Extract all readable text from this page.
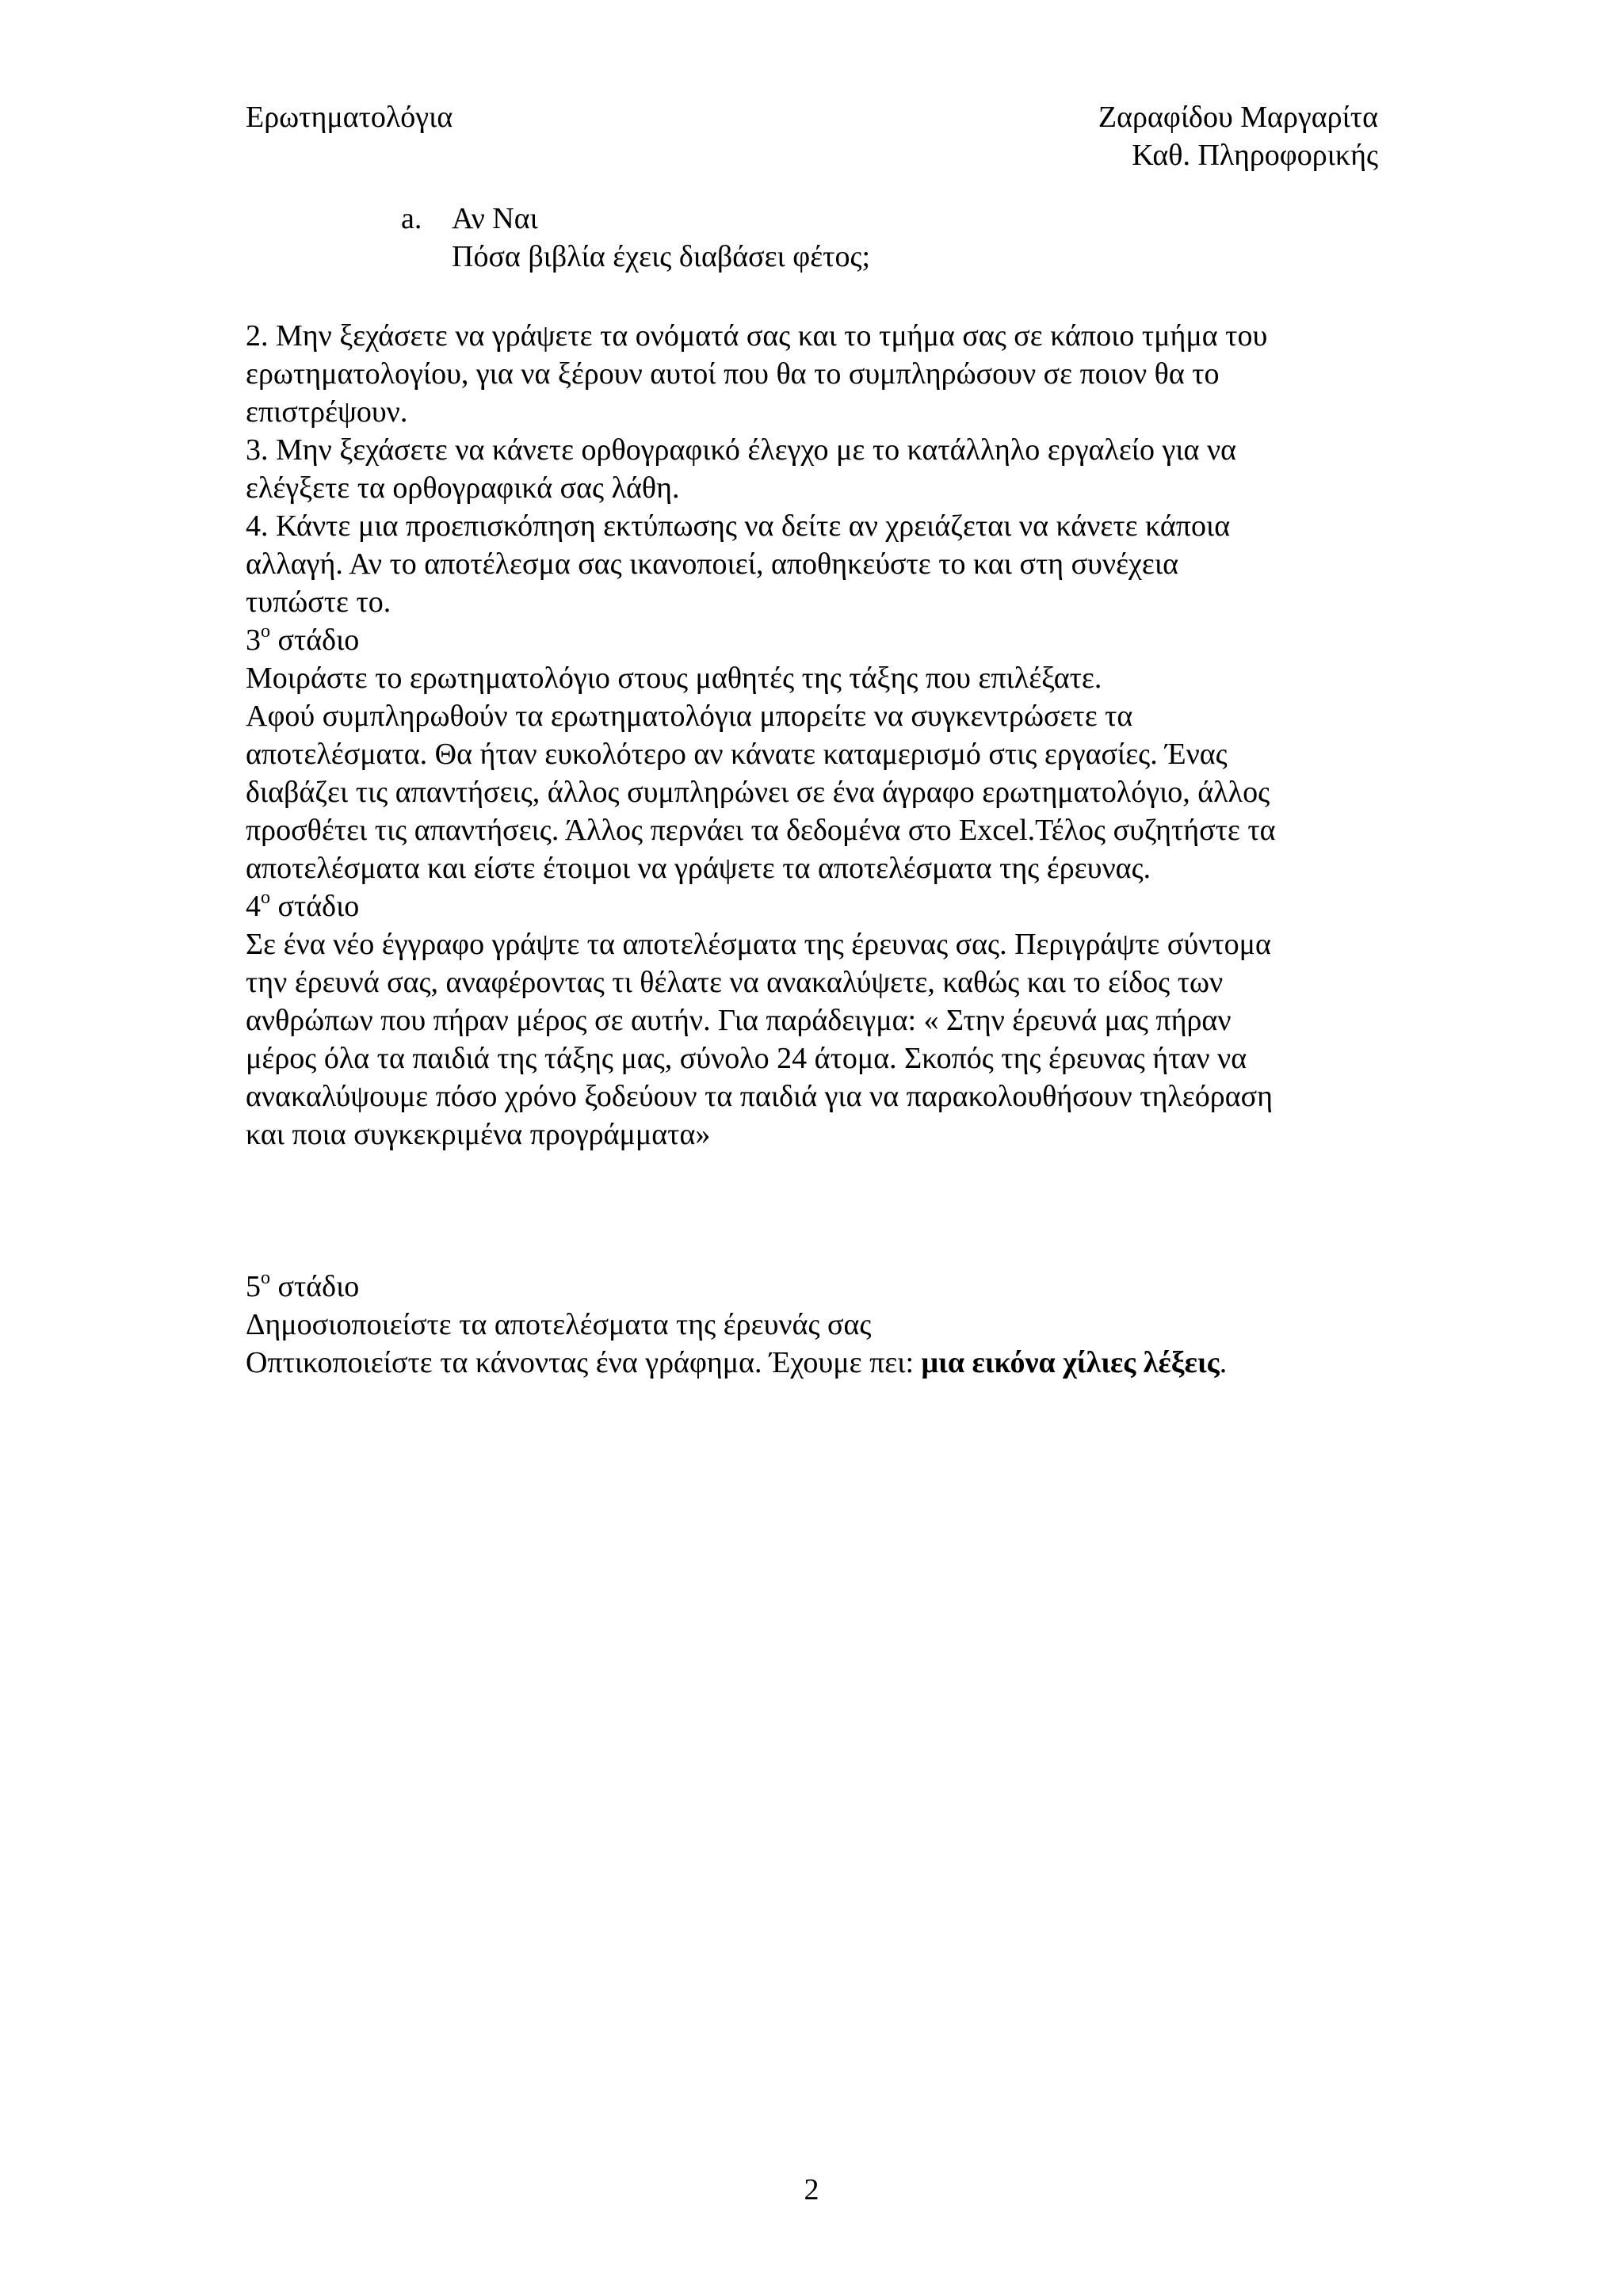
Ερωτηματολόγια	Ζαραφίδου Μαργαρίτα
Καθ. Πληροφορικής
a. Αν Ναι
Πόσα βιβλία έχεις διαβάσει φέτος;
2. Μην ξεχάσετε να γράψετε τα ονόματά σας και το τμήμα σας σε κάποιο τμήμα του
ερωτηματολογίου, για να ξέρουν αυτοί που θα το συμπληρώσουν σε ποιον θα το
επιστρέψουν.
3. Μην ξεχάσετε να κάνετε ορθογραφικό έλεγχο με το κατάλληλο εργαλείο για να
ελέγξετε τα ορθογραφικά σας λάθη.
4. Κάντε μια προεπισκόπηση εκτύπωσης να δείτε αν χρειάζεται να κάνετε κάποια
αλλαγή. Αν το αποτέλεσμα σας ικανοποιεί, αποθηκεύστε το και στη συνέχεια
τυπώστε το.
$3^o$ στάδιο
Μοιράστε το ερωτηματολόγιο στους μαθητές της τάξης που επιλέξατε.
Αφού συμπληρωθούν τα ερωτηματολόγια μπορείτε να συγκεντρώσετε τα
αποτελέσματα. Θα ήταν ευκολότερο αν κάνατε καταμερισμό στις εργασίες. Ένας
διαβάζει τις απαντήσεις, άλλος συμπληρώνει σε ένα άγραφο ερωτηματολόγιο, άλλος
προσθέτει τις απαντήσεις. Άλλος περνάει τα δεδομένα στο Excel.Τέλος συζητήστε τα
αποτελέσματα και είστε έτοιμοι να γράψετε τα αποτελέσματα της έρευνας.
$4^o$ στάδιο
Σε ένα νέο έγγραφο γράψτε τα αποτελέσματα της έρευνας σας. Περιγράψτε σύντομα
την έρευνά σας, αναφέροντας τι θέλατε να ανακαλύψετε, καθώς και το είδος των
ανθρώπων που πήραν μέρος σε αυτήν. Για παράδειγμα: « Στην έρευνά μας πήραν
μέρος όλα τα παιδιά της τάξης μας, σύνολο 24 άτομα. Σκοπός της έρευνας ήταν να
ανακαλύψουμε πόσο χρόνο ξοδεύουν τα παιδιά για να παρακολουθήσουν τηλεόραση
και ποια συγκεκριμένα προγράμματα»
$5^o$ στάδιο
Δημοσιοποιείστε τα αποτελέσματα της έρευνάς σας
Οπτικοποιείστε τα κάνοντας ένα γράφημα. Έχουμε πει: μια εικόνα χίλιες λέξεις.
2
